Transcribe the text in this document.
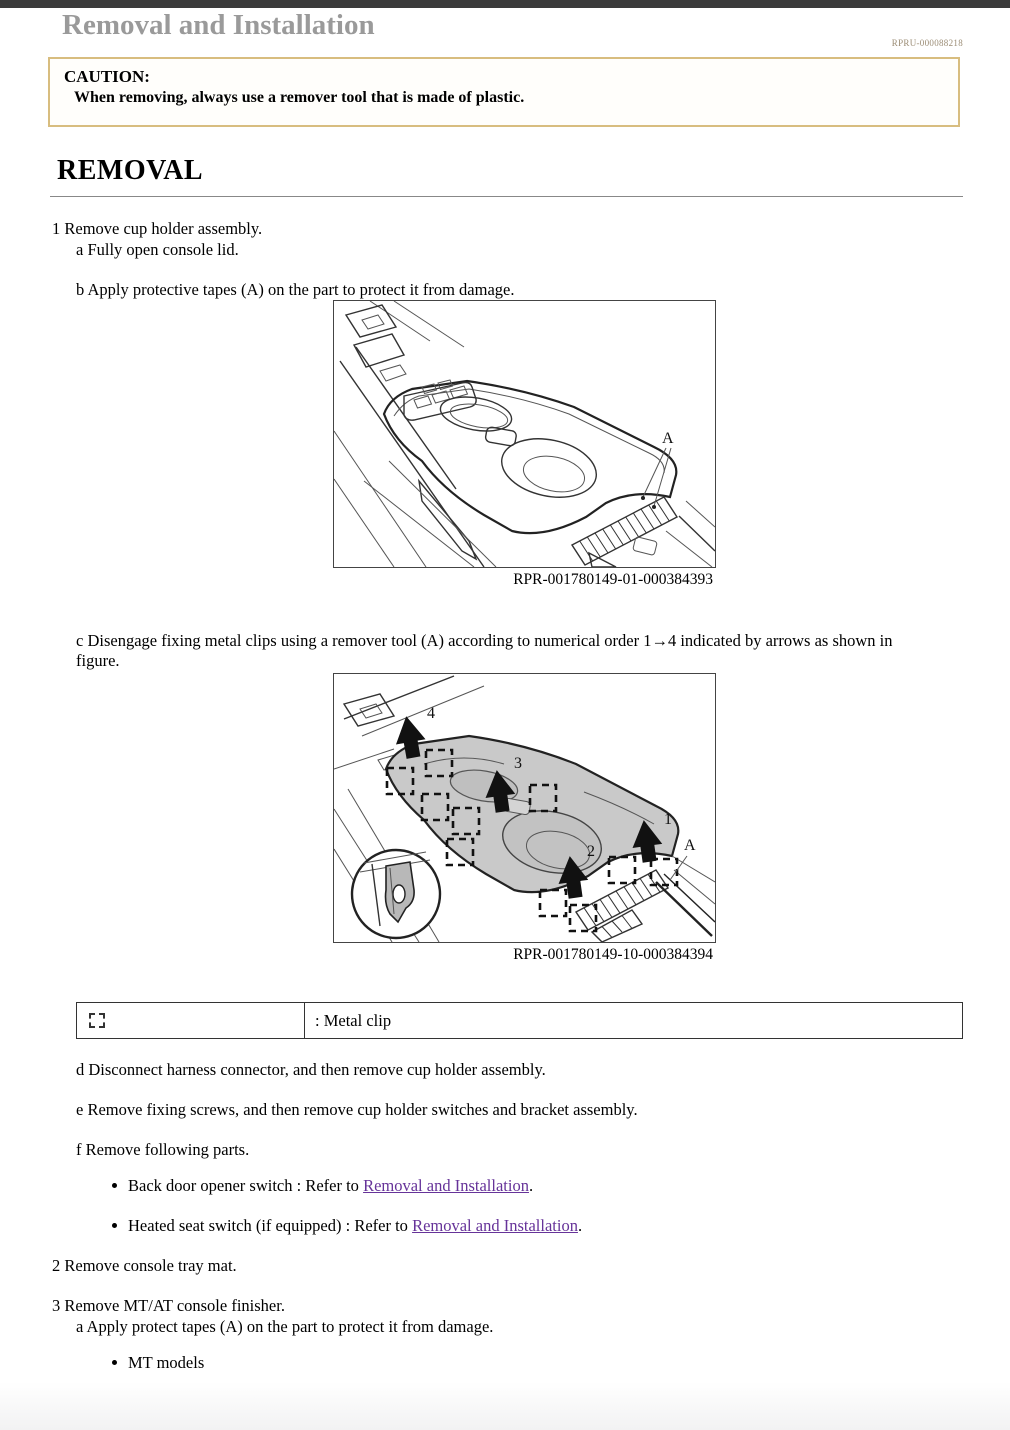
Removal and Installation
RPRU-000088218
CAUTION:
When removing, always use a remover tool that is made of plastic.
REMOVAL
1 Remove cup holder assembly.
a Fully open console lid.
b Apply protective tapes (A) on the part to protect it from damage.
A
RPR-001780149-01-000384393
c Disengage fixing metal clips using a remover tool (A) according to numerical order 1→4 indicated by arrows as shown in figure.
4
3
1
2	A
RPR-001780149-10-000384394
: Metal clip
d Disconnect harness connector, and then remove cup holder assembly.
e Remove fixing screws, and then remove cup holder switches and bracket assembly.
f Remove following parts.
Back door opener switch : Refer to Removal and Installation.
Heated seat switch (if equipped) : Refer to Removal and Installation.
2 Remove console tray mat.
3 Remove MT/AT console finisher.
a Apply protect tapes (A) on the part to protect it from damage.
MT models
